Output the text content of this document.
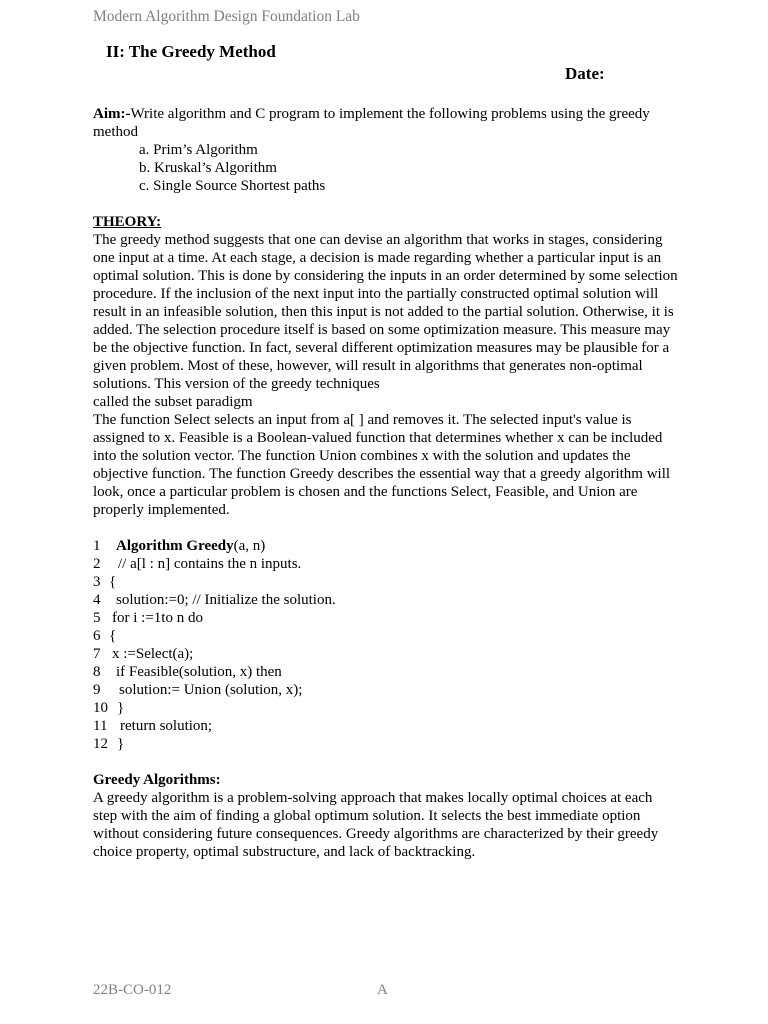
Modern Algorithm Design Foundation Lab
II: The Greedy Method
Date:

Aim:-Write algorithm and C program to implement the following problems using the greedy method

a. Prim’s Algorithm
b. Kruskal’s Algorithm
c. Single Source Shortest paths

THEORY:

The greedy method suggests that one can devise an algorithm that works in stages, considering one input at a time. At each stage, a decision is made regarding whether a particular input is an optimal solution. This is done by considering the inputs in an order determined by some selection procedure. If the inclusion of the next input into the partially constructed optimal solution will result in an infeasible solution, then this input is not added to the partial solution. Otherwise, it is added. The selection procedure itself is based on some optimization measure. This measure may be the objective function. In fact, several different optimization measures may be plausible for a given problem. Most of these, however, will result in algorithms that generates non-optimal solutions. This version of the greedy techniques

called the subset paradigm

The function Select selects an input from a[ ] and removes it. The selected input's value is assigned to x. Feasible is a Boolean-valued function that determines whether x can be included into the solution vector. The function Union combines x with the solution and updates the objective function. The function Greedy describes the essential way that a greedy algorithm will look, once a particular problem is chosen and the functions Select, Feasible, and Union are properly implemented.

1 Algorithm Greedy(a, n)
2 // a[l : n] contains the n inputs.
3 {
4 solution:=0; // Initialize the solution.
5 for i :=1to n do
6 {
7 x :=Select(a);
8 if Feasible(solution, x) then
9 solution:= Union (solution, x);
10 }
11 return solution;
12 }

Greedy Algorithms:

A greedy algorithm is a problem-solving approach that makes locally optimal choices at each step with the aim of finding a global optimum solution. It selects the best immediate option without considering future consequences. Greedy algorithms are characterized by their greedy choice property, optimal substructure, and lack of backtracking.

22B-CO-012	A
